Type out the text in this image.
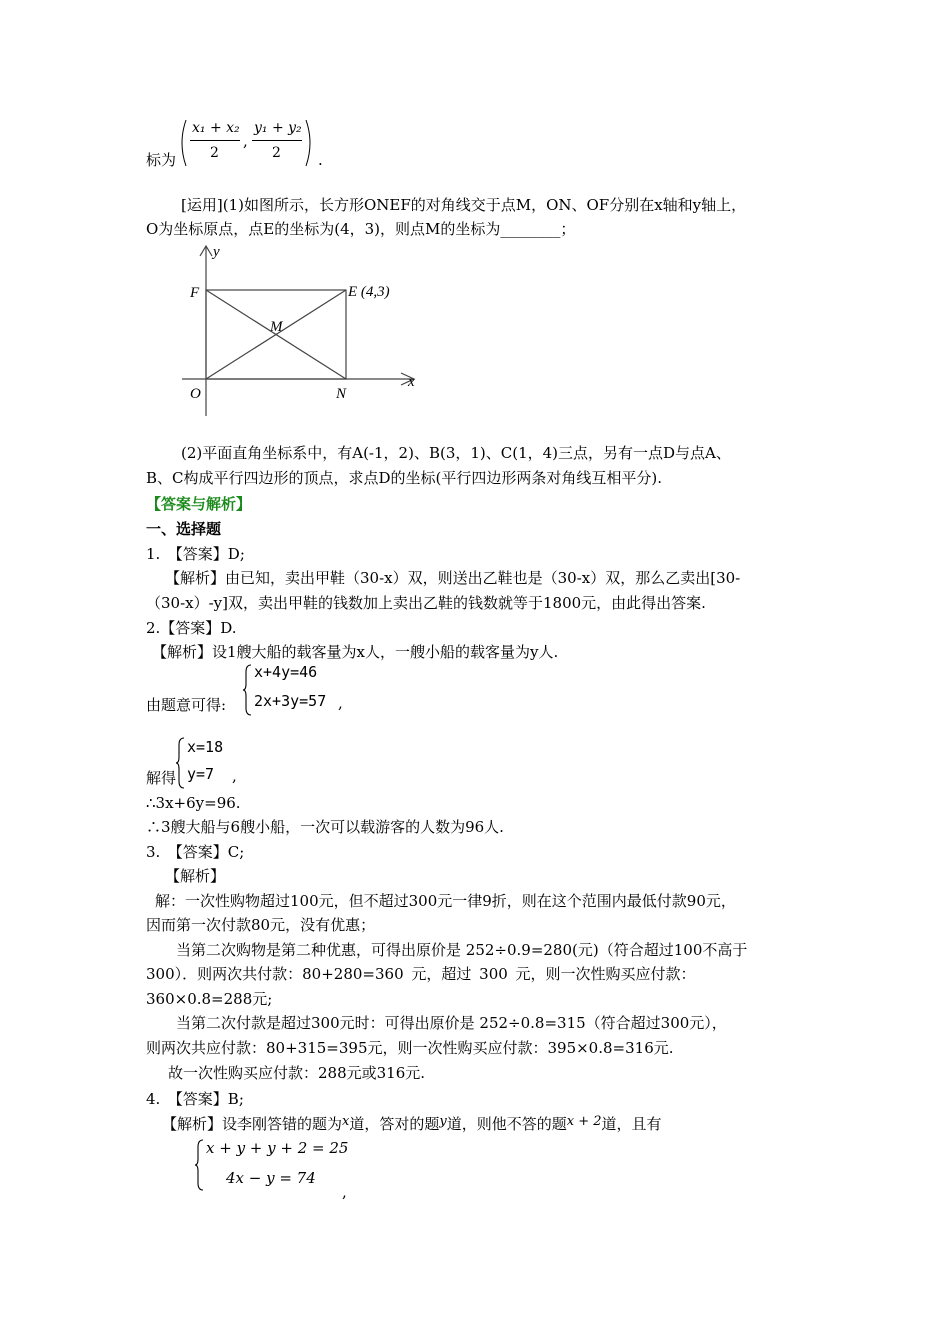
标为
x₁ + x₂
2
,
y₁ + y₂
2 .
[运用](1)如图所示，长方形ONEF的对角线交于点M，ON、OF分别在x轴和y轴上，
O为坐标原点，点E的坐标为(4，3)，则点M的坐标为________；
y
x
F	E (4,3)
M
O	N
(2)平面直角坐标系中，有A(-1，2)、B(3，1)、C(1，4)三点，另有一点D与点A、
B、C构成平行四边形的顶点，求点D的坐标(平行四边形两条对角线互相平分).
【答案与解析】
一、选择题
1.　【答案】D;
【解析】由已知，卖出甲鞋（30-x）双，则送出乙鞋也是（30-x）双，那么乙卖出[30-
（30-x）-y]双，卖出甲鞋的钱数加上卖出乙鞋的钱数就等于1800元，由此得出答案.
2.【答案】D.
【解析】设1艘大船的载客量为x人，一艘小船的载客量为y人.
由题意可得:
x+4y=46
2x+3y=57 ,
解得
x=18
y=7 ,
∴3x+6y=96.
∴3艘大船与6艘小船，一次可以载游客的人数为96人.
3.　【答案】C;
【解析】
解：一次性购物超过100元，但不超过300元一律9折，则在这个范围内最低付款90元，
因而第一次付款80元，没有优惠；
当第二次购物是第二种优惠，可得出原价是 252÷0.9=280(元)（符合超过100不高于
300）．则两次共付款：80+280=360 元，超过 300 元，则一次性购买应付款：
360×0.8=288元;
当第二次付款是超过300元时：可得出原价是 252÷0.8=315（符合超过300元），
则两次共应付款：80+315=395元，则一次性购买应付款：395×0.8=316元.
故一次性购买应付款：288元或316元.
4.　【答案】B;
【解析】设李刚答错的题为x道，答对的题y道，则他不答的题x + 2道，且有
x + y + y + 2 = 25
4x − y = 74
,
